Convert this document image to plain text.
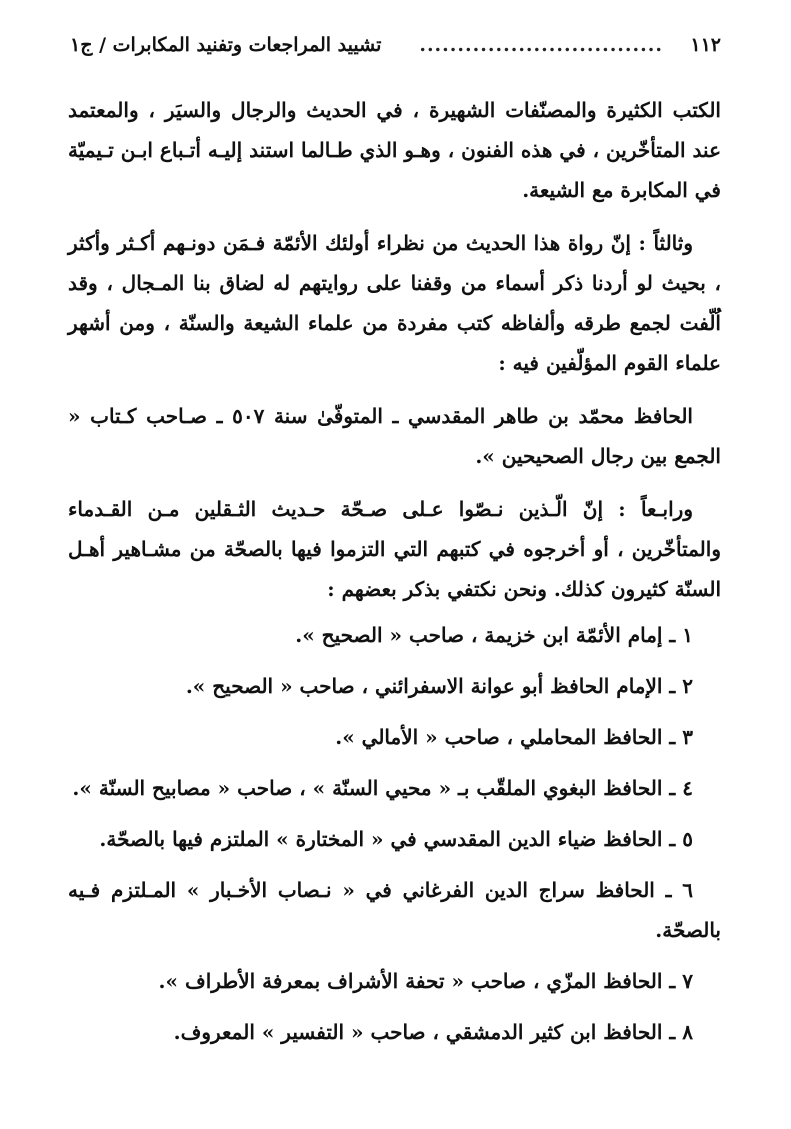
١١٢
................................
تشييد المراجعات وتفنيد المكابرات / ج١

الكتب الكثيرة والمصنّفات الشهيرة ، في الحديث والرجال والسيَر ، والمعتمد عند المتأخّرين ، في هذه الفنون ، وهـو الذي طـالما استند إليـه أتـباع ابـن تـيميّة في المكابرة مع الشيعة.

وثالثاً : إنّ رواة هذا الحديث من نظراء أولئك الأئمّة فـمَن دونـهم أكـثر وأكثر ، بحيث لو أردنا ذكر أسماء من وقفنا على روايتهم له لضاق بنا المـجال ، وقد اُلّفت لجمع طرقه وألفاظه كتب مفردة من علماء الشيعة والسنّة ، ومن أشهر علماء القوم المؤلّفين فيه :

الحافظ محمّد بن طاهر المقدسي ـ المتوفّىٰ سنة ٥٠٧ ـ صـاحب كـتاب « الجمع بين رجال الصحيحين ».

ورابـعاً : إنّ الّـذين نـصّوا عـلى صـحّة حـديث الثـقلين مـن القـدماء والمتأخّرين ، أو أخرجوه في كتبهم التي التزموا فيها بالصحّة من مشـاهير أهـل السنّة كثيرون كذلك. ونحن نكتفي بذكر بعضهم :

١ ـ إمام الأئمّة ابن خزيمة ، صاحب « الصحيح ».
٢ ـ الإمام الحافظ أبو عوانة الاسفرائني ، صاحب « الصحيح ».
٣ ـ الحافظ المحاملي ، صاحب « الأمالي ».
٤ ـ الحافظ البغوي الملقّب بـ « محيي السنّة » ، صاحب « مصابيح السنّة ».
٥ ـ الحافظ ضياء الدين المقدسي في « المختارة » الملتزم فيها بالصحّة.
٦ ـ الحافظ سراج الدين الفرغاني في « نـصاب الأخـبار » المـلتزم فـيه بالصحّة.
٧ ـ الحافظ المزّي ، صاحب « تحفة الأشراف بمعرفة الأطراف ».
٨ ـ الحافظ ابن كثير الدمشقي ، صاحب « التفسير » المعروف.
